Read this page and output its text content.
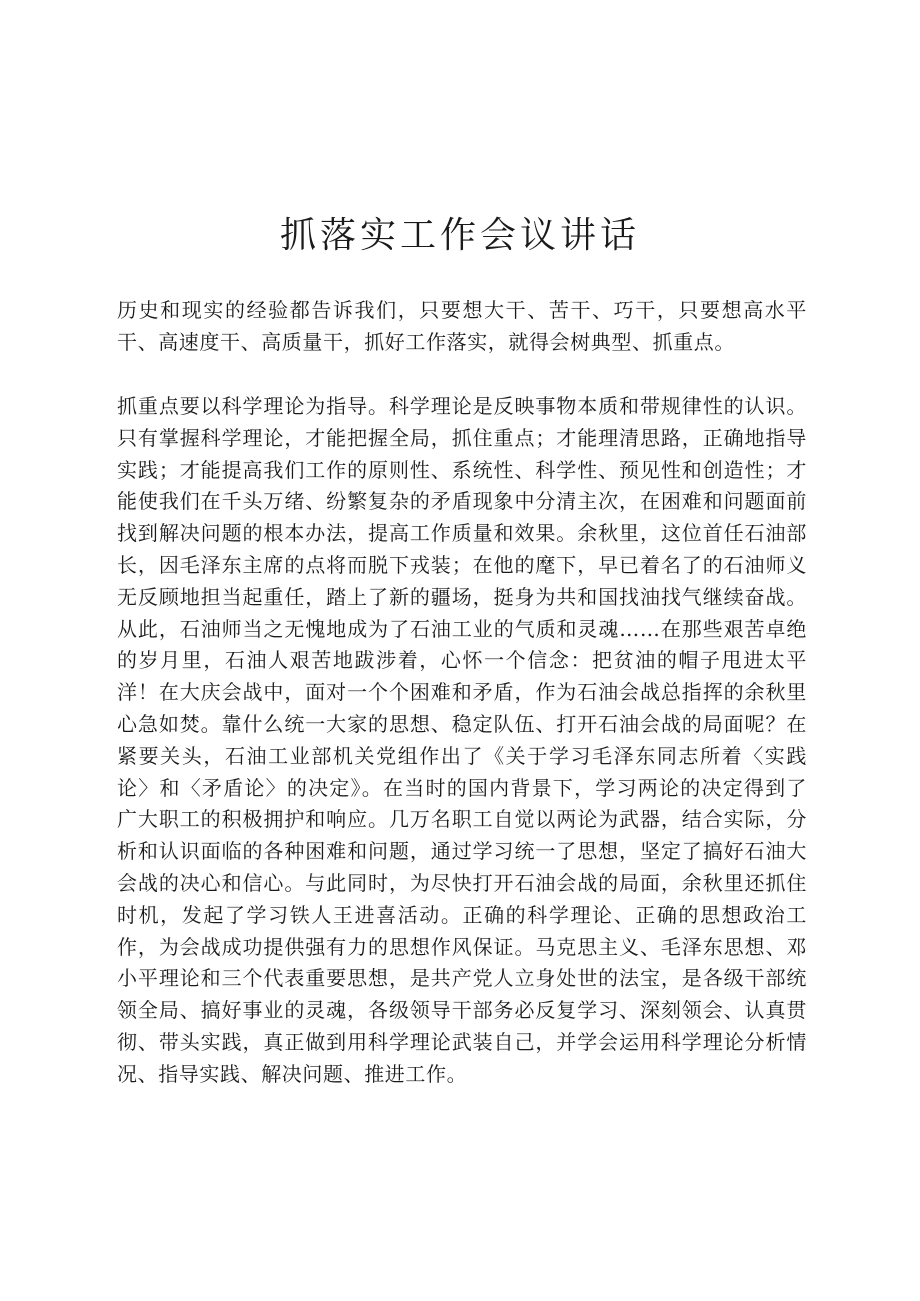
抓落实工作会议讲话

历史和现实的经验都告诉我们，只要想大干、苦干、巧干，只要想高水平干、高速度干、高质量干，抓好工作落实，就得会树典型、抓重点。

抓重点要以科学理论为指导。科学理论是反映事物本质和带规律性的认识。只有掌握科学理论，才能把握全局，抓住重点；才能理清思路，正确地指导实践；才能提高我们工作的原则性、系统性、科学性、预见性和创造性；才能使我们在千头万绪、纷繁复杂的矛盾现象中分清主次，在困难和问题面前找到解决问题的根本办法，提高工作质量和效果。余秋里，这位首任石油部长，因毛泽东主席的点将而脱下戎装；在他的麾下，早已着名了的石油师义无反顾地担当起重任，踏上了新的疆场，挺身为共和国找油找气继续奋战。从此，石油师当之无愧地成为了石油工业的气质和灵魂……在那些艰苦卓绝的岁月里，石油人艰苦地跋涉着，心怀一个信念：把贫油的帽子甩进太平洋！在大庆会战中，面对一个个困难和矛盾，作为石油会战总指挥的余秋里心急如焚。靠什么统一大家的思想、稳定队伍、打开石油会战的局面呢？在紧要关头，石油工业部机关党组作出了《关于学习毛泽东同志所着〈实践论〉和〈矛盾论〉的决定》。在当时的国内背景下，学习两论的决定得到了广大职工的积极拥护和响应。几万名职工自觉以两论为武器，结合实际，分析和认识面临的各种困难和问题，通过学习统一了思想，坚定了搞好石油大会战的决心和信心。与此同时，为尽快打开石油会战的局面，余秋里还抓住时机，发起了学习铁人王进喜活动。正确的科学理论、正确的思想政治工作，为会战成功提供强有力的思想作风保证。马克思主义、毛泽东思想、邓小平理论和三个代表重要思想，是共产党人立身处世的法宝，是各级干部统领全局、搞好事业的灵魂，各级领导干部务必反复学习、深刻领会、认真贯彻、带头实践，真正做到用科学理论武装自己，并学会运用科学理论分析情况、指导实践、解决问题、推进工作。
